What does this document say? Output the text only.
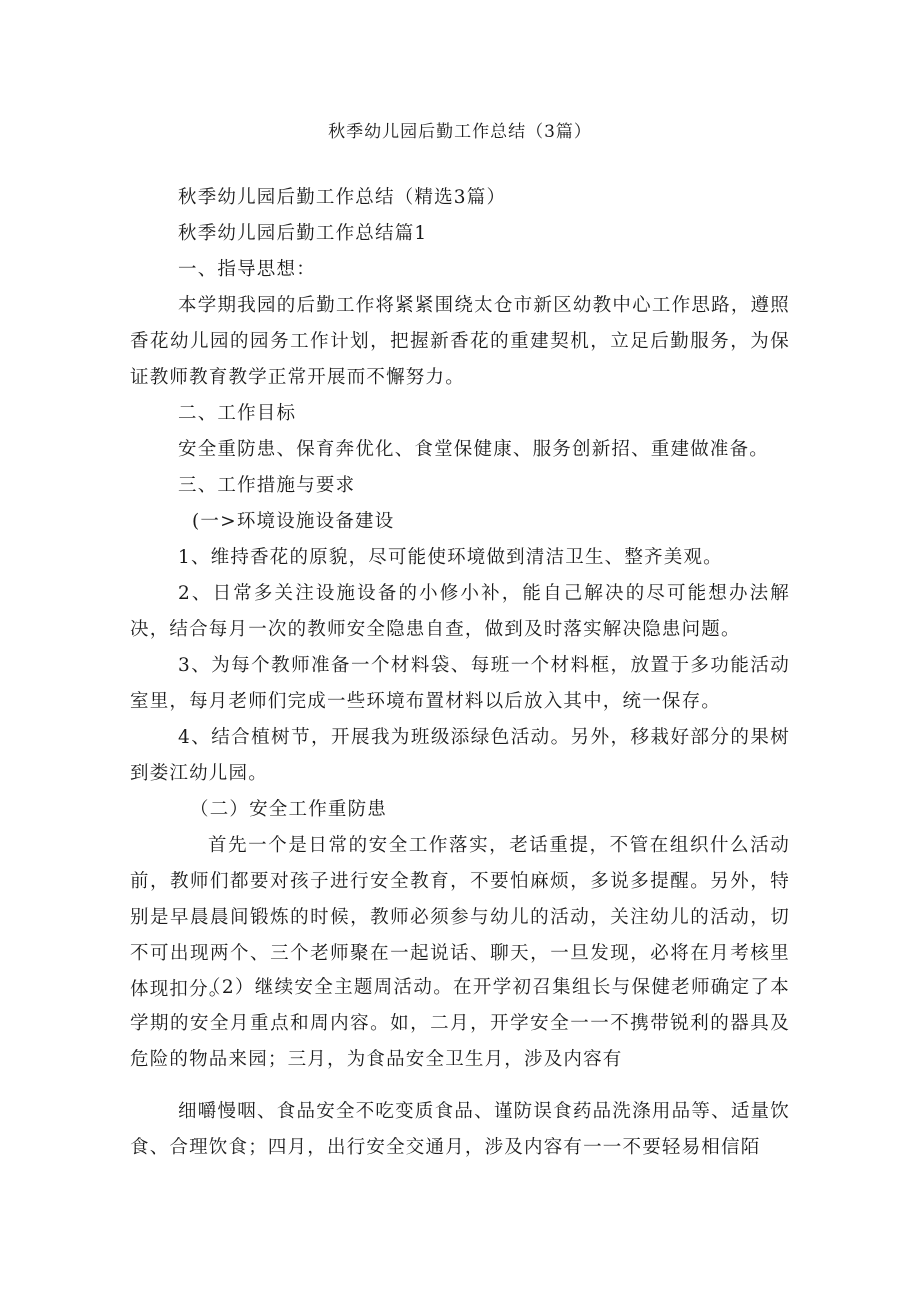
秋季幼儿园后勤工作总结（3篇）

秋季幼儿园后勤工作总结（精选3篇）

秋季幼儿园后勤工作总结篇1

一、指导思想：

本学期我园的后勤工作将紧紧围绕太仓市新区幼教中心工作思路，遵照香花幼儿园的园务工作计划，把握新香花的重建契机，立足后勤服务，为保证教师教育教学正常开展而不懈努力。

二、工作目标

安全重防患、保育奔优化、食堂保健康、服务创新招、重建做准备。

三、工作措施与要求

(一>环境设施设备建设

1、维持香花的原貌，尽可能使环境做到清洁卫生、整齐美观。

2、日常多关注设施设备的小修小补，能自己解决的尽可能想办法解决，结合每月一次的教师安全隐患自查，做到及时落实解决隐患问题。

3、为每个教师准备一个材料袋、每班一个材料框，放置于多功能活动室里，每月老师们完成一些环境布置材料以后放入其中，统一保存。

4、结合植树节，开展我为班级添绿色活动。另外，移栽好部分的果树到娄江幼儿园。

（二）安全工作重防患

首先一个是日常的安全工作落实，老话重提，不管在组织什么活动前，教师们都要对孩子进行安全教育，不要怕麻烦，多说多提醒。另外，特别是早晨晨间锻炼的时候，教师必须参与幼儿的活动，关注幼儿的活动，切不可出现两个、三个老师聚在一起说话、聊天，一旦发现，必将在月考核里体现扣分。

（2）继续安全主题周活动。在开学初召集组长与保健老师确定了本学期的安全月重点和周内容。如，二月，开学安全一一不携带锐利的器具及危险的物品来园；三月，为食品安全卫生月，涉及内容有

细嚼慢咽、食品安全不吃变质食品、谨防误食药品洗涤用品等、适量饮食、合理饮食；四月，出行安全交通月，涉及内容有一一不要轻易相信陌
